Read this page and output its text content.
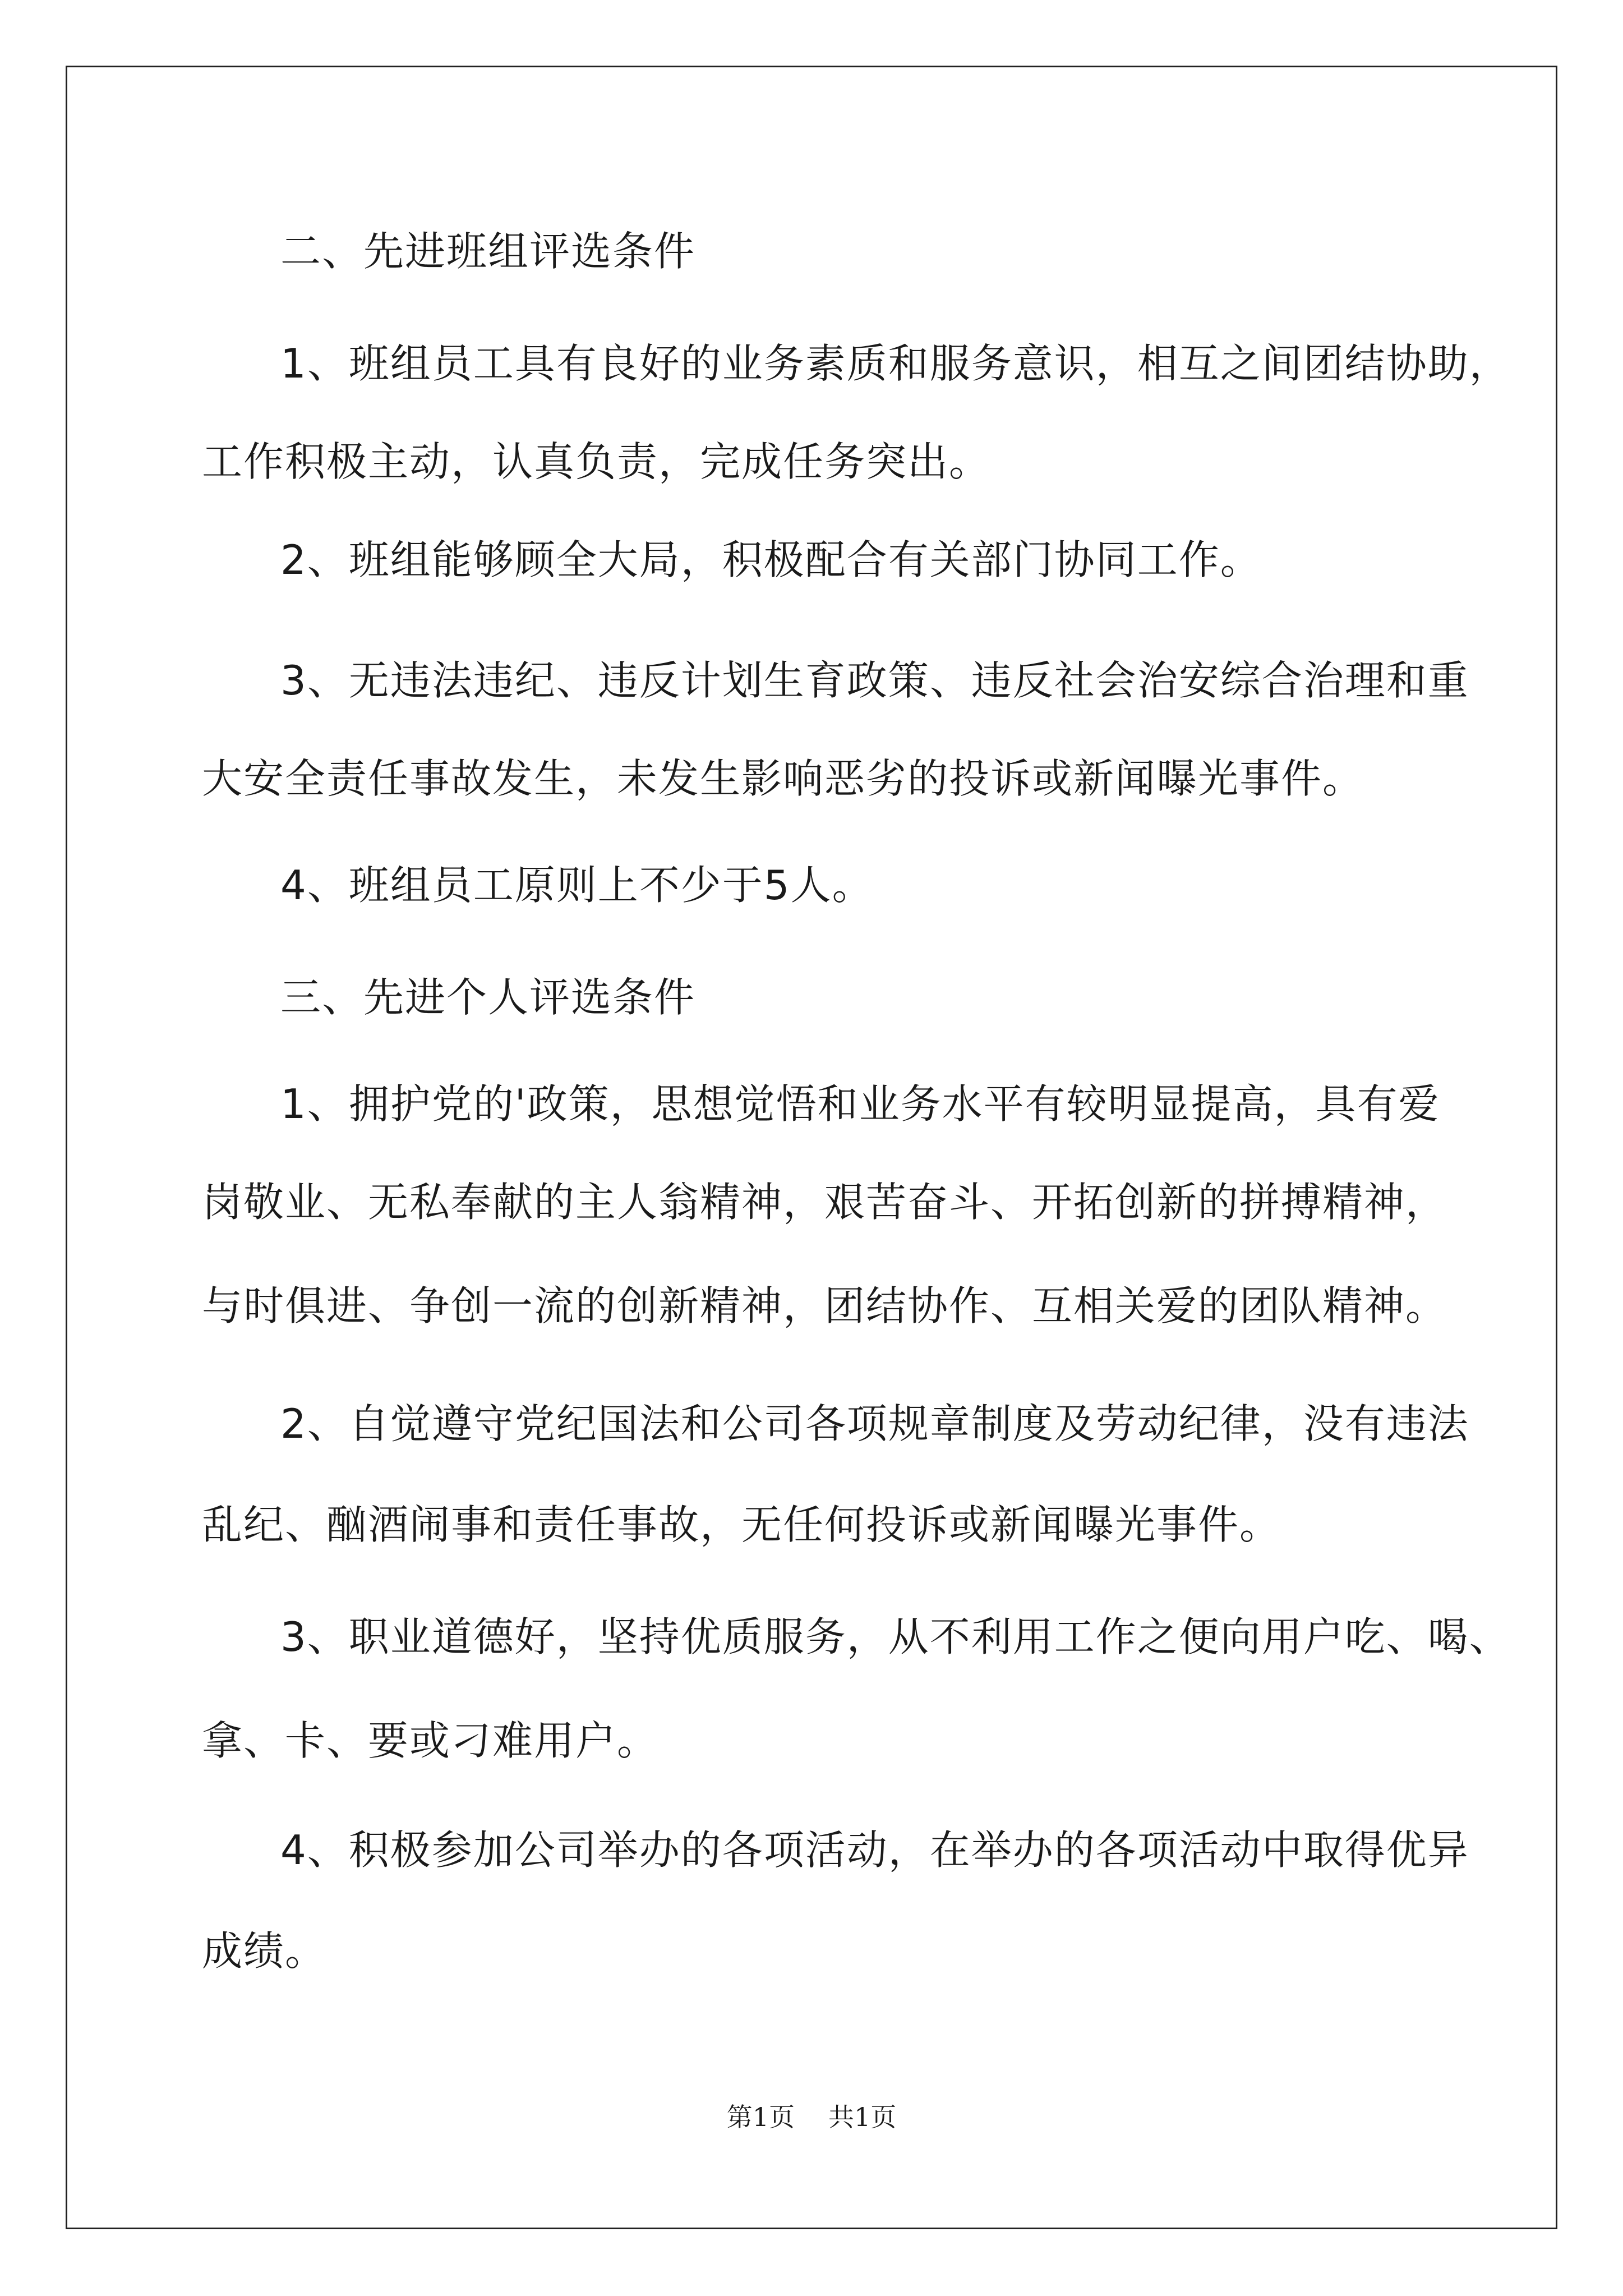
二、先进班组评选条件
1、班组员工具有良好的业务素质和服务意识，相互之间团结协助，
工作积极主动，认真负责，完成任务突出。
2、班组能够顾全大局，积极配合有关部门协同工作。
3、无违法违纪、违反计划生育政策、违反社会治安综合治理和重
大安全责任事故发生，未发生影响恶劣的投诉或新闻曝光事件。
4、班组员工原则上不少于5人。
三、先进个人评选条件
1、拥护党的'政策，思想觉悟和业务水平有较明显提高，具有爱
岗敬业、无私奉献的主人翁精神，艰苦奋斗、开拓创新的拼搏精神，
与时俱进、争创一流的创新精神，团结协作、互相关爱的团队精神。
2、自觉遵守党纪国法和公司各项规章制度及劳动纪律，没有违法
乱纪、酗酒闹事和责任事故，无任何投诉或新闻曝光事件。
3、职业道德好，坚持优质服务，从不利用工作之便向用户吃、喝、
拿、卡、要或刁难用户。
4、积极参加公司举办的各项活动，在举办的各项活动中取得优异
成绩。
第1页 共1页
